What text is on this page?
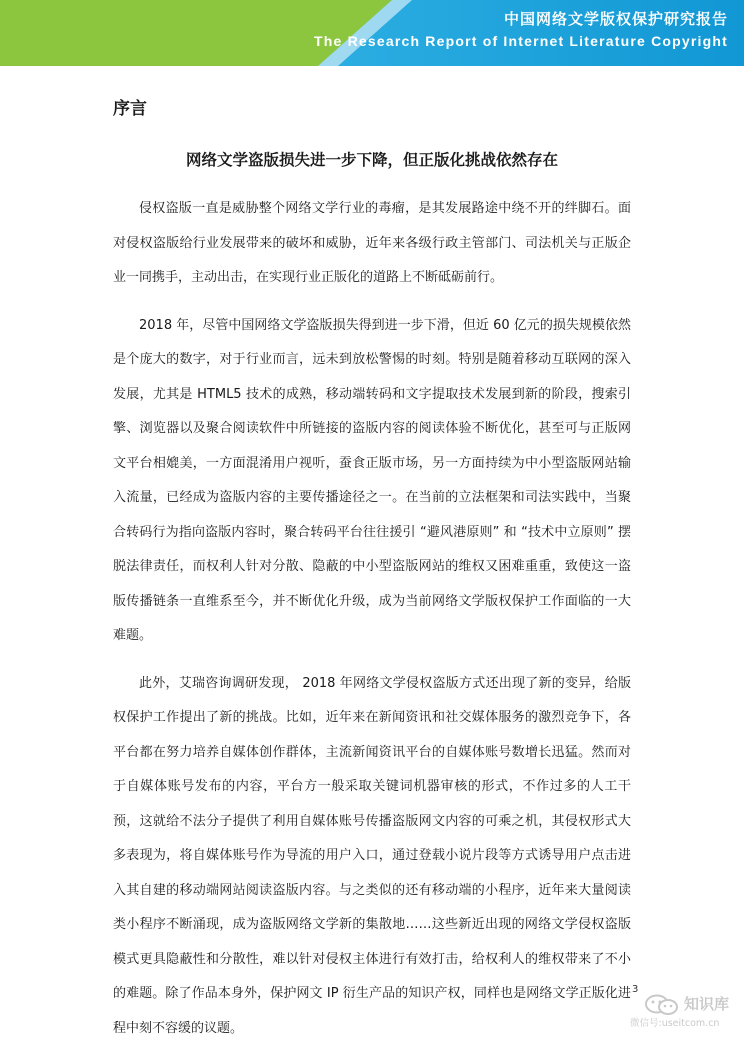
中国网络文学版权保护研究报告
The Research Report of Internet Literature Copyright
序言
网络文学盗版损失进一步下降，但正版化挑战依然存在

侵权盗版一直是威胁整个网络文学行业的毒瘤，是其发展路途中绕不开的绊脚石。面对侵权盗版给行业发展带来的破坏和威胁，近年来各级行政主管部门、司法机关与正版企业一同携手，主动出击，在实现行业正版化的道路上不断砥砺前行。

2018 年，尽管中国网络文学盗版损失得到进一步下滑，但近 60 亿元的损失规模依然是个庞大的数字，对于行业而言，远未到放松警惕的时刻。特别是随着移动互联网的深入发展，尤其是 HTML5 技术的成熟，移动端转码和文字提取技术发展到新的阶段，搜索引擎、浏览器以及聚合阅读软件中所链接的盗版内容的阅读体验不断优化，甚至可与正版网文平台相媲美，一方面混淆用户视听，蚕食正版市场，另一方面持续为中小型盗版网站输入流量，已经成为盗版内容的主要传播途径之一。在当前的立法框架和司法实践中，当聚合转码行为指向盗版内容时，聚合转码平台往往援引 “避风港原则” 和 “技术中立原则” 摆脱法律责任，而权利人针对分散、隐蔽的中小型盗版网站的维权又困难重重，致使这一盗版传播链条一直维系至今，并不断优化升级，成为当前网络文学版权保护工作面临的一大难题。

此外，艾瑞咨询调研发现， 2018 年网络文学侵权盗版方式还出现了新的变异，给版权保护工作提出了新的挑战。比如，近年来在新闻资讯和社交媒体服务的激烈竞争下，各平台都在努力培养自媒体创作群体，主流新闻资讯平台的自媒体账号数增长迅猛。然而对于自媒体账号发布的内容，平台方一般采取关键词机器审核的形式，不作过多的人工干预，这就给不法分子提供了利用自媒体账号传播盗版网文内容的可乘之机，其侵权形式大多表现为，将自媒体账号作为导流的用户入口，通过登载小说片段等方式诱导用户点击进入其自建的移动端网站阅读盗版内容。与之类似的还有移动端的小程序，近年来大量阅读类小程序不断涌现，成为盗版网络文学新的集散地……这些新近出现的网络文学侵权盗版模式更具隐蔽性和分散性，难以针对侵权主体进行有效打击，给权利人的维权带来了不小的难题。除了作品本身外，保护网文 IP 衍生产品的知识产权，同样也是网络文学正版化进程中刻不容缓的议题。

3
知识库
微信号:useitcom.cn
